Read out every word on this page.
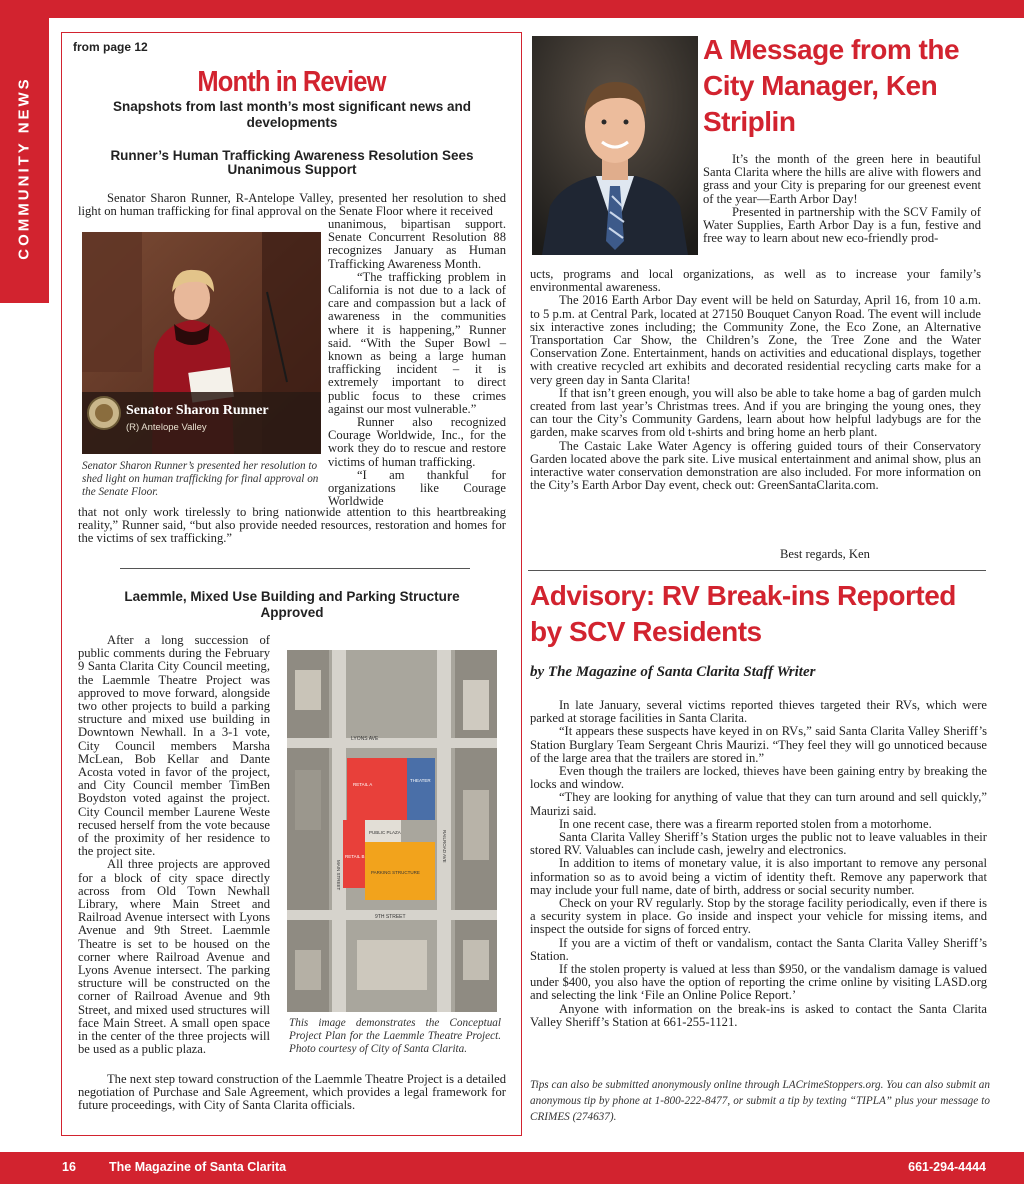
COMMUNITY NEWS
from page 12
Month in Review
Snapshots from last month’s most significant news and developments
Runner’s Human Trafficking Awareness Resolution Sees Unanimous Support

Senator Sharon Runner, R-Antelope Valley, presented her resolution to shed light on human trafficking for final approval on the Senate Floor where it received

Senator Sharon Runner
(R) Antelope Valley

unanimous, bipartisan support. Senate Concurrent Resolution 88 recognizes January as Human Trafficking Awareness Month.

“The trafficking problem in California is not due to a lack of care and compassion but a lack of awareness in the communities where it is happening,” Runner said. “With the Super Bowl – known as being a large human trafficking incident – it is extremely important to direct public focus to these crimes against our most vulnerable.”

Runner also recognized Courage Worldwide, Inc., for the work they do to rescue and restore victims of human trafficking.

“I am thankful for organizations like Courage Worldwide

Senator Sharon Runner’s presented her resolution to shed light on human trafficking for final approval on the Senate Floor.

that not only work tirelessly to bring nationwide attention to this heartbreaking reality,” Runner said, “but also provide needed resources, restoration and homes for the victims of sex trafficking.”

Laemmle, Mixed Use Building and Parking Structure Approved

After a long succession of public comments during the February 9 Santa Clarita City Council meeting, the Laemmle Theatre Project was approved to move forward, alongside two other projects to build a parking structure and mixed use building in Downtown Newhall. In a 3-1 vote, City Council members Marsha McLean, Bob Kellar and Dante Acosta voted in favor of the project, and City Council member TimBen Boydston voted against the project. City Council member Laurene Weste recused herself from the vote because of the proximity of her residence to the project site.

All three projects are approved for a block of city space directly across from Old Town Newhall Library, where Main Street and Railroad Avenue intersect with Lyons Avenue and 9th Street. Laemmle Theatre is set to be housed on the corner where Railroad Avenue and Lyons Avenue intersect. The parking structure will be constructed on the corner of Railroad Avenue and 9th Street, and mixed used structures will face Main Street. A small open space in the center of the three projects will be used as a public plaza.

The next step toward construction of the Laemmle Theatre Project is a detailed negotiation of Purchase and Sale Agreement, which provides a legal framework for future proceedings, with City of Santa Clarita officials.

LYONS AVE
9TH STREET
MAIN STREET
RAILROAD AVE
RETAIL A
RETAIL B
THEATER
PUBLIC PLAZA
PARKING STRUCTURE
This image demonstrates the Conceptual Project Plan for the Laemmle Theatre Project. Photo courtesy of City of Santa Clarita.
A Message from the City Manager, Ken Striplin

It’s the month of the green here in beautiful Santa Clarita where the hills are alive with flowers and grass and your City is preparing for our greenest event of the year—Earth Arbor Day!

Presented in partnership with the SCV Family of Water Supplies, Earth Arbor Day is a fun, festive and free way to learn about new eco-friendly prod-

ucts, programs and local organizations, as well as to increase your family’s environmental awareness.

The 2016 Earth Arbor Day event will be held on Saturday, April 16, from 10 a.m. to 5 p.m. at Central Park, located at 27150 Bouquet Canyon Road. The event will include six interactive zones including; the Community Zone, the Eco Zone, an Alternative Transportation Car Show, the Children’s Zone, the Tree Zone and the Water Conservation Zone. Entertainment, hands on activities and educational displays, together with creative recycled art exhibits and decorated residential recycling carts make for a very green day in Santa Clarita!

If that isn’t green enough, you will also be able to take home a bag of garden mulch created from last year’s Christmas trees. And if you are bringing the young ones, they can tour the City’s Community Gardens, learn about how helpful ladybugs are for the garden, make scarves from old t-shirts and bring home an herb plant.

The Castaic Lake Water Agency is offering guided tours of their Conservatory Garden located above the park site. Live musical entertainment and animal show, plus an interactive water conservation demonstration are also included. For more information on the City’s Earth Arbor Day event, check out: GreenSantaClarita.com.

Best regards, Ken
Advisory: RV Break-ins Reported by SCV Residents
by The Magazine of Santa Clarita Staff Writer

In late January, several victims reported thieves targeted their RVs, which were parked at storage facilities in Santa Clarita.

“It appears these suspects have keyed in on RVs,” said Santa Clarita Valley Sheriff’s Station Burglary Team Sergeant Chris Maurizi. “They feel they will go unnoticed because of the large area that the trailers are stored in.”

Even though the trailers are locked, thieves have been gaining entry by breaking the locks and window.

“They are looking for anything of value that they can turn around and sell quickly,” Maurizi said.

In one recent case, there was a firearm reported stolen from a motorhome.

Santa Clarita Valley Sheriff’s Station urges the public not to leave valuables in their stored RV. Valuables can include cash, jewelry and electronics.

In addition to items of monetary value, it is also important to remove any personal information so as to avoid being a victim of identity theft. Remove any paperwork that may include your full name, date of birth, address or social security number.

Check on your RV regularly. Stop by the storage facility periodically, even if there is a security system in place. Go inside and inspect your vehicle for missing items, and inspect the outside for signs of forced entry.

If you are a victim of theft or vandalism, contact the Santa Clarita Valley Sheriff’s Station.

If the stolen property is valued at less than $950, or the vandalism damage is valued under $400, you also have the option of reporting the crime online by visiting LASD.org and selecting the link ‘File an Online Police Report.’

Anyone with information on the break-ins is asked to contact the Santa Clarita Valley Sheriff’s Station at 661-255-1121.

Tips can also be submitted anonymously online through LACrimeStoppers.org. You can also submit an anonymous tip by phone at 1-800-222-8477, or submit a tip by texting “TIPLA” plus your message to CRIMES (274637).
16	The Magazine of Santa Clarita	661-294-4444
